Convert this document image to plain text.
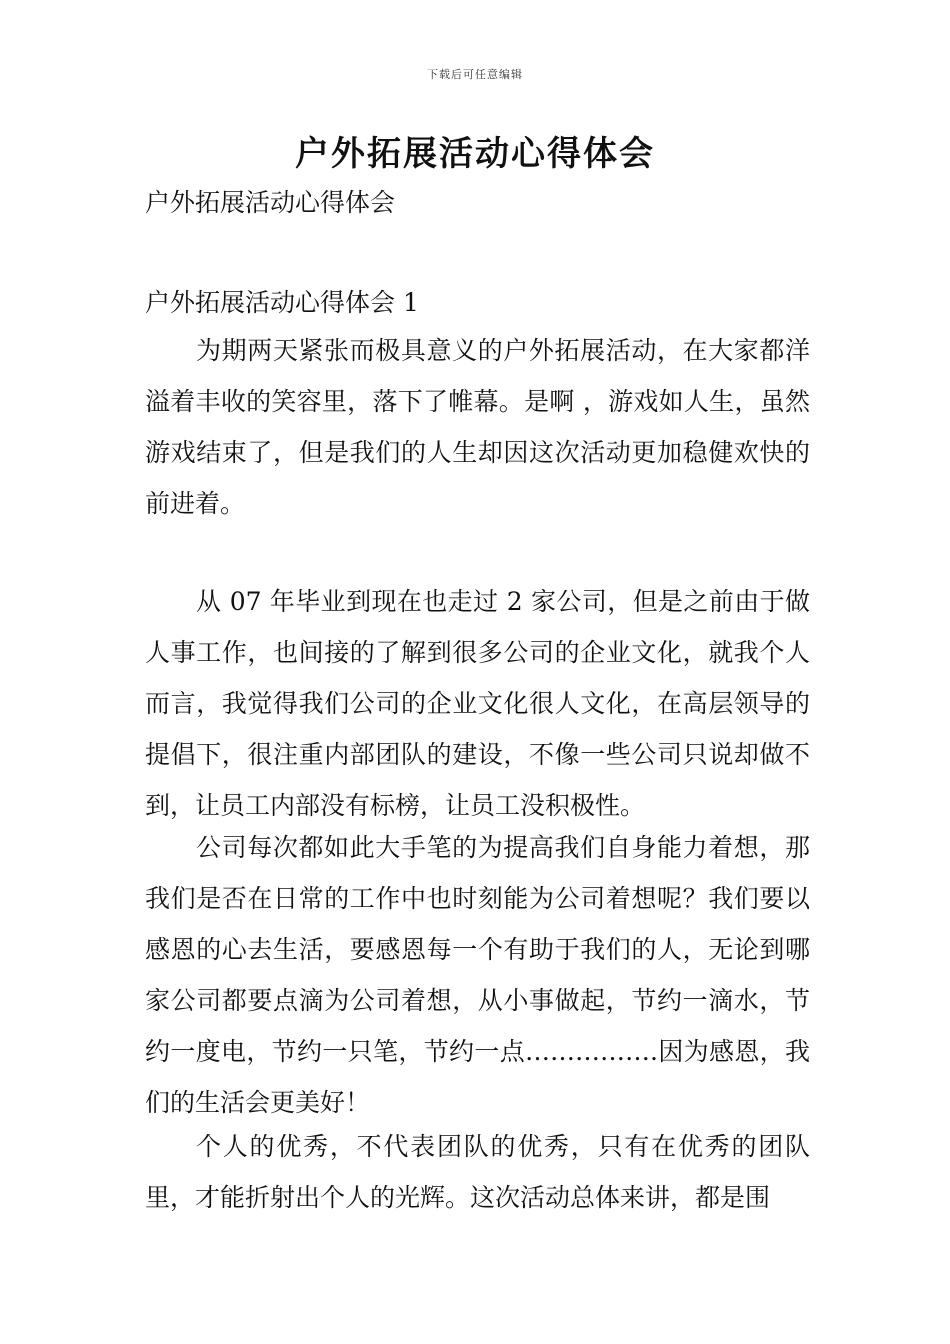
下载后可任意编辑
户外拓展活动心得体会
户外拓展活动心得体会
户外拓展活动心得体会 1

为期两天紧张而极具意义的户外拓展活动，在大家都洋溢着丰收的笑容里，落下了帷幕。是啊 ，游戏如人生，虽然游戏结束了，但是我们的人生却因这次活动更加稳健欢快的前进着。

从 07 年毕业到现在也走过 2 家公司，但是之前由于做人事工作，也间接的了解到很多公司的企业文化，就我个人而言，我觉得我们公司的企业文化很人文化，在高层领导的提倡下，很注重内部团队的建设，不像一些公司只说却做不到，让员工内部没有标榜，让员工没积极性。

公司每次都如此大手笔的为提高我们自身能力着想，那我们是否在日常的工作中也时刻能为公司着想呢？我们要以感恩的心去生活，要感恩每一个有助于我们的人，无论到哪家公司都要点滴为公司着想，从小事做起，节约一滴水，节约一度电，节约一只笔，节约一点…………….因为感恩，我们的生活会更美好！

个人的优秀，不代表团队的优秀，只有在优秀的团队里，才能折射出个人的光辉。这次活动总体来讲，都是围
